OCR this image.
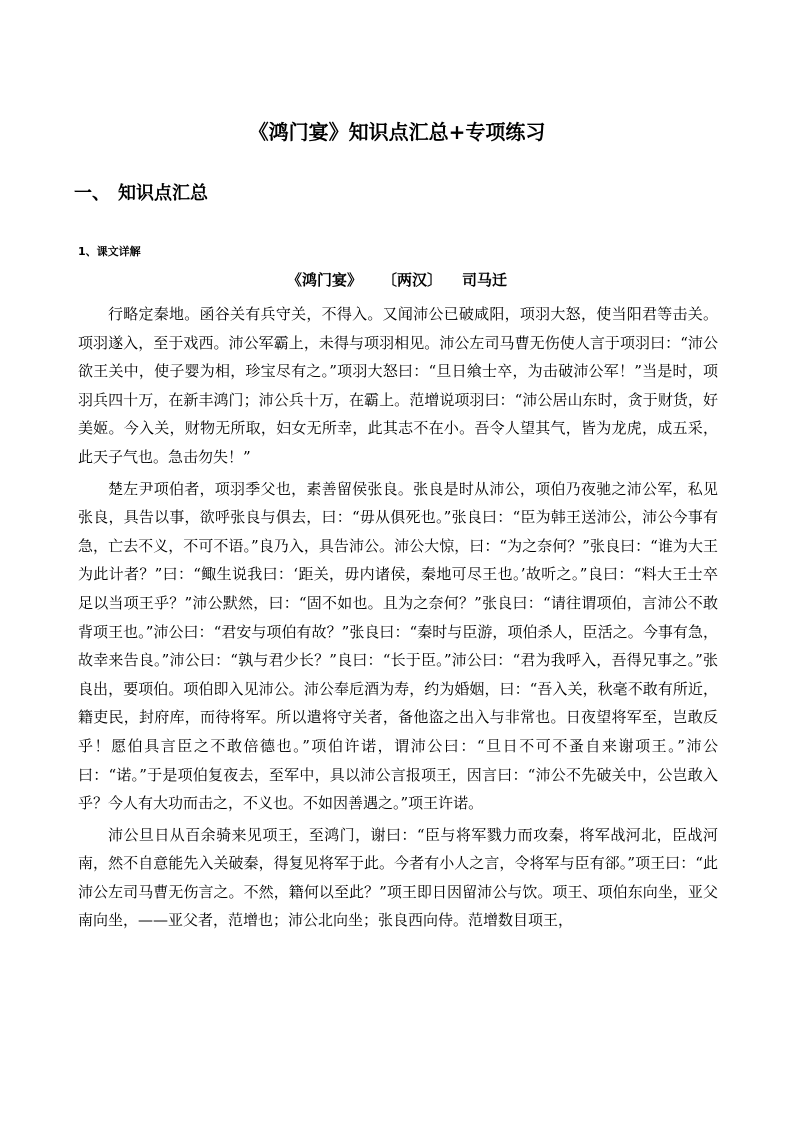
《鸿门宴》知识点汇总+专项练习
一、 知识点汇总
1、课文详解
《鸿门宴》 〔两汉〕 司马迁

行略定秦地。函谷关有兵守关，不得入。又闻沛公已破咸阳，项羽大怒，使当阳君等击关。项羽遂入，至于戏西。沛公军霸上，未得与项羽相见。沛公左司马曹无伤使人言于项羽曰：“沛公欲王关中，使子婴为相，珍宝尽有之。”项羽大怒曰：“旦日飨士卒，为击破沛公军！”当是时，项羽兵四十万，在新丰鸿门；沛公兵十万，在霸上。范增说项羽曰：“沛公居山东时，贪于财货，好美姬。今入关，财物无所取，妇女无所幸，此其志不在小。吾令人望其气，皆为龙虎，成五采，此天子气也。急击勿失！”

楚左尹项伯者，项羽季父也，素善留侯张良。张良是时从沛公，项伯乃夜驰之沛公军，私见张良，具告以事，欲呼张良与俱去，曰：“毋从俱死也。”张良曰：“臣为韩王送沛公，沛公今事有急，亡去不义，不可不语。”良乃入，具告沛公。沛公大惊，曰：“为之奈何？”张良曰：“谁为大王为此计者？”曰：“鲰生说我曰：‘距关，毋内诸侯，秦地可尽王也。’故听之。”良曰：“料大王士卒足以当项王乎？”沛公默然，曰：“固不如也。且为之奈何？”张良曰：“请往谓项伯，言沛公不敢背项王也。”沛公曰：“君安与项伯有故？”张良曰：“秦时与臣游，项伯杀人，臣活之。今事有急，故幸来告良。”沛公曰：“孰与君少长？”良曰：“长于臣。”沛公曰：“君为我呼入，吾得兄事之。”张良出，要项伯。项伯即入见沛公。沛公奉卮酒为寿，约为婚姻，曰：“吾入关，秋毫不敢有所近，籍吏民，封府库，而待将军。所以遣将守关者，备他盗之出入与非常也。日夜望将军至，岂敢反乎！愿伯具言臣之不敢倍德也。”项伯许诺，谓沛公曰：“旦日不可不蚤自来谢项王。”沛公曰：“诺。”于是项伯复夜去，至军中，具以沛公言报项王，因言曰：“沛公不先破关中，公岂敢入乎？今人有大功而击之，不义也。不如因善遇之。”项王许诺。

沛公旦日从百余骑来见项王，至鸿门，谢曰：“臣与将军戮力而攻秦，将军战河北，臣战河南，然不自意能先入关破秦，得复见将军于此。今者有小人之言，令将军与臣有郤。”项王曰：“此沛公左司马曹无伤言之。不然，籍何以至此？”项王即日因留沛公与饮。项王、项伯东向坐，亚父南向坐，——亚父者，范增也；沛公北向坐；张良西向侍。范增数目项王，
